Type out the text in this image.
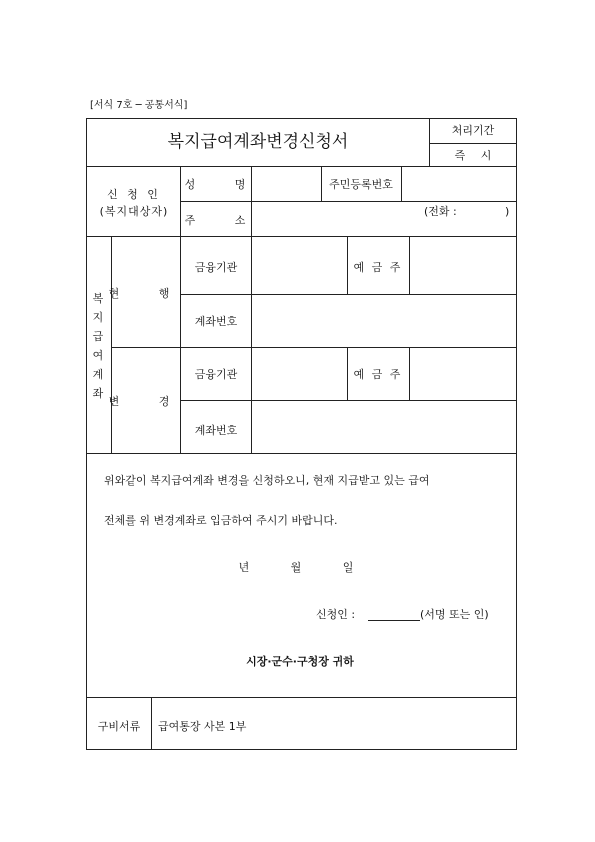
[서식 7호 ─ 공통서식]
복지급여계좌변경신청서
처리기간
즉 시
신 청 인
(복지대상자)
성 명	주민등록번호
주 소
(전화 :	)
복
지
급
여
계
좌
현 행
금융기관	예 금 주
계좌번호
변 경
금융기관	예 금 주
계좌번호
위와같이 복지급여계좌 변경을 신청하오니, 현재 지급받고 있는 급여
전체를 위 변경계좌로 입금하여 주시기 바랍니다.
년 월 일
신청인 :	(서명 또는 인)
시장·군수·구청장 귀하
구비서류 급여통장 사본 1부
